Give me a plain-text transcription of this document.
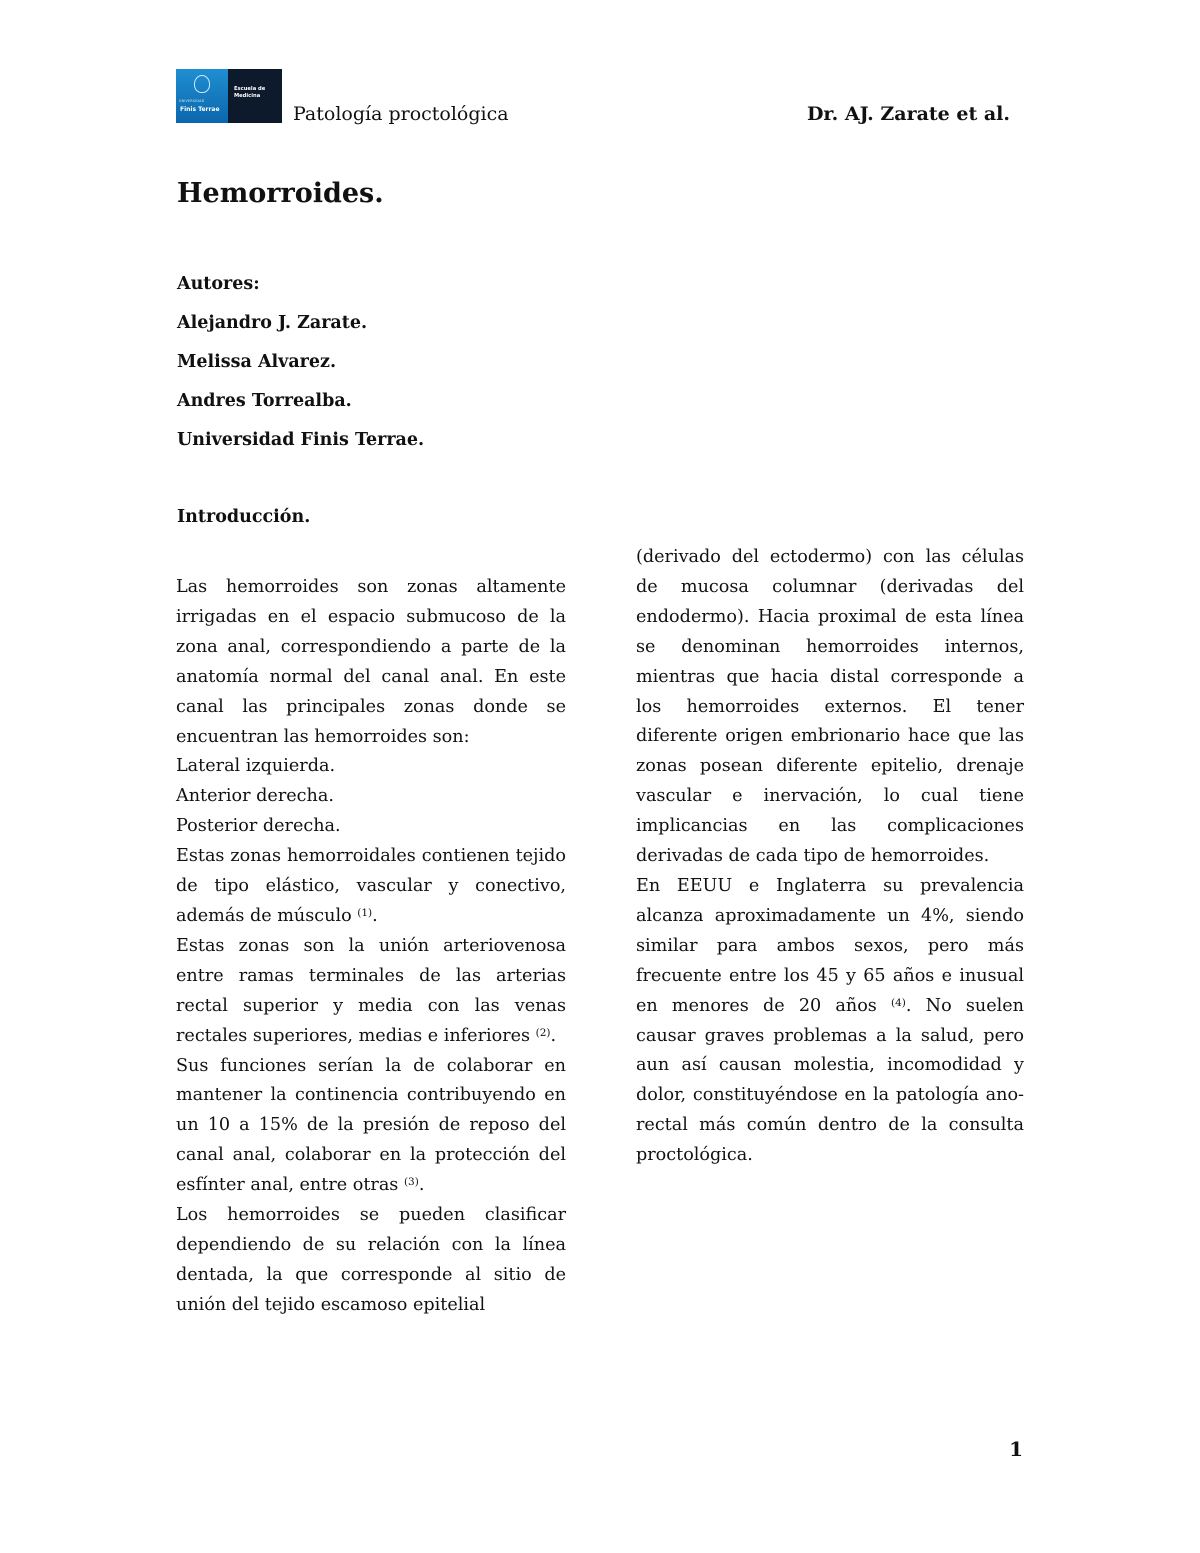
UNIVERSIDAD
Finis Terrae
Escuela de Medicina
Patología proctológica	Dr. AJ. Zarate et al.
Hemorroides.
Autores:
Alejandro J. Zarate.
Melissa Alvarez.
Andres Torrealba.
Universidad Finis Terrae.
Introducción.

Las hemorroides son zonas altamente irrigadas en el espacio submucoso de la zona anal, correspondiendo a parte de la anatomía normal del canal anal. En este canal las principales zonas donde se encuentran las hemorroides son:

Lateral izquierda.

Anterior derecha.

Posterior derecha.

Estas zonas hemorroidales contienen tejido de tipo elástico, vascular y conectivo, además de músculo $^{(1)}$.

Estas zonas son la unión arteriovenosa entre ramas terminales de las arterias rectal superior y media con las venas rectales superiores, medias e inferiores $^{(2)}$.

Sus funciones serían la de colaborar en mantener la continencia contribuyendo en un 10 a 15% de la presión de reposo del canal anal, colaborar en la protección del esfínter anal, entre otras $^{(3)}$.

Los hemorroides se pueden clasificar dependiendo de su relación con la línea dentada, la que corresponde al sitio de unión del tejido escamoso epitelial

(derivado del ectodermo) con las células de mucosa columnar (derivadas del endodermo). Hacia proximal de esta línea se denominan hemorroides internos, mientras que hacia distal corresponde a los hemorroides externos. El tener diferente origen embrionario hace que las zonas posean diferente epitelio, drenaje vascular e inervación, lo cual tiene implicancias en las complicaciones derivadas de cada tipo de hemorroides.

En EEUU e Inglaterra su prevalencia alcanza aproximadamente un 4%, siendo similar para ambos sexos, pero más frecuente entre los 45 y 65 años e inusual en menores de 20 años $^{(4)}$. No suelen causar graves problemas a la salud, pero aun así causan molestia, incomodidad y dolor, constituyéndose en la patología ano-rectal más común dentro de la consulta proctológica.

1
